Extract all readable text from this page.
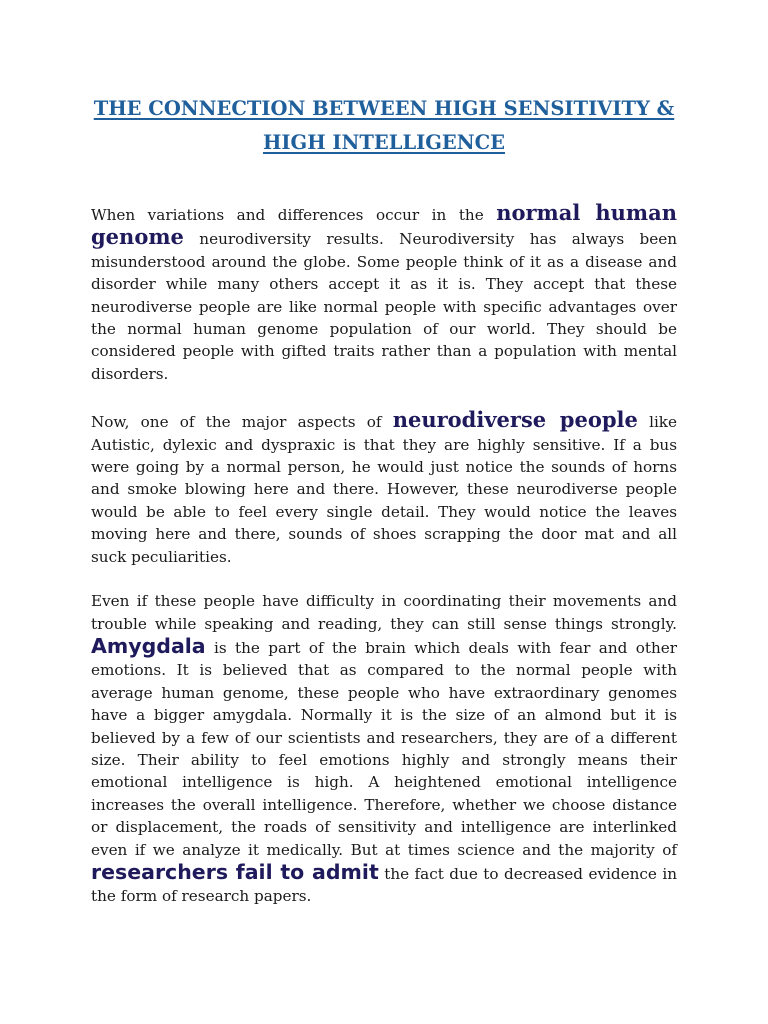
THE CONNECTION BETWEEN HIGH SENSITIVITY & HIGH INTELLIGENCE

When variations and differences occur in the normal human genome neurodiversity results. Neurodiversity has always been misunderstood around the globe. Some people think of it as a disease and disorder while many others accept it as it is. They accept that these neurodiverse people are like normal people with specific advantages over the normal human genome population of our world. They should be considered people with gifted traits rather than a population with mental disorders.

Now, one of the major aspects of neurodiverse people like Autistic, dylexic and dyspraxic is that they are highly sensitive. If a bus were going by a normal person, he would just notice the sounds of horns and smoke blowing here and there. However, these neurodiverse people would be able to feel every single detail. They would notice the leaves moving here and there, sounds of shoes scrapping the door mat and all suck peculiarities.

Even if these people have difficulty in coordinating their movements and trouble while speaking and reading, they can still sense things strongly. Amygdala is the part of the brain which deals with fear and other emotions. It is believed that as compared to the normal people with average human genome, these people who have extraordinary genomes have a bigger amygdala. Normally it is the size of an almond but it is believed by a few of our scientists and researchers, they are of a different size. Their ability to feel emotions highly and strongly means their emotional intelligence is high. A heightened emotional intelligence increases the overall intelligence. Therefore, whether we choose distance or displacement, the roads of sensitivity and intelligence are interlinked even if we analyze it medically. But at times science and the majority of researchers fail to admit the fact due to decreased evidence in the form of research papers.
